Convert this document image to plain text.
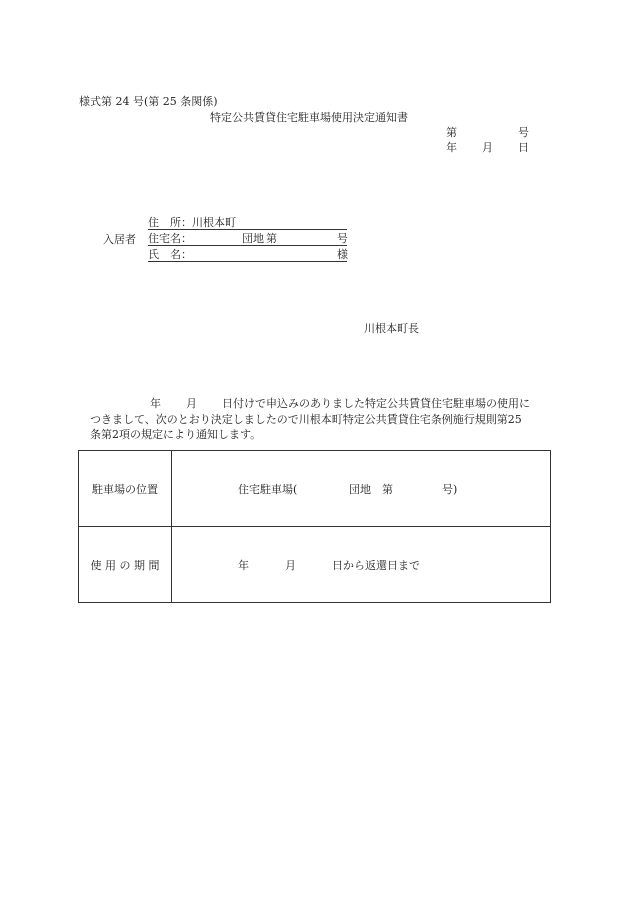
様式第 24 号(第 25 条関係)
特定公共賃貸住宅駐車場使用決定通知書
第	号
年 月 日
入居者
住　所： 川根本町
住宅名：	団地 第	号
氏　名：	様
川根本町長
年 月 日付けで申込みのありました特定公共賃貸住宅駐車場の使用に
つきまして、次のとおり決定しましたので川根本町特定公共賃貸住宅条例施行規則第25
条第2項の規定により通知します。
駐車場の位置	住宅駐車場( 団地　第 号)

使 用 の 期 間	年 月 日から返還日まで
